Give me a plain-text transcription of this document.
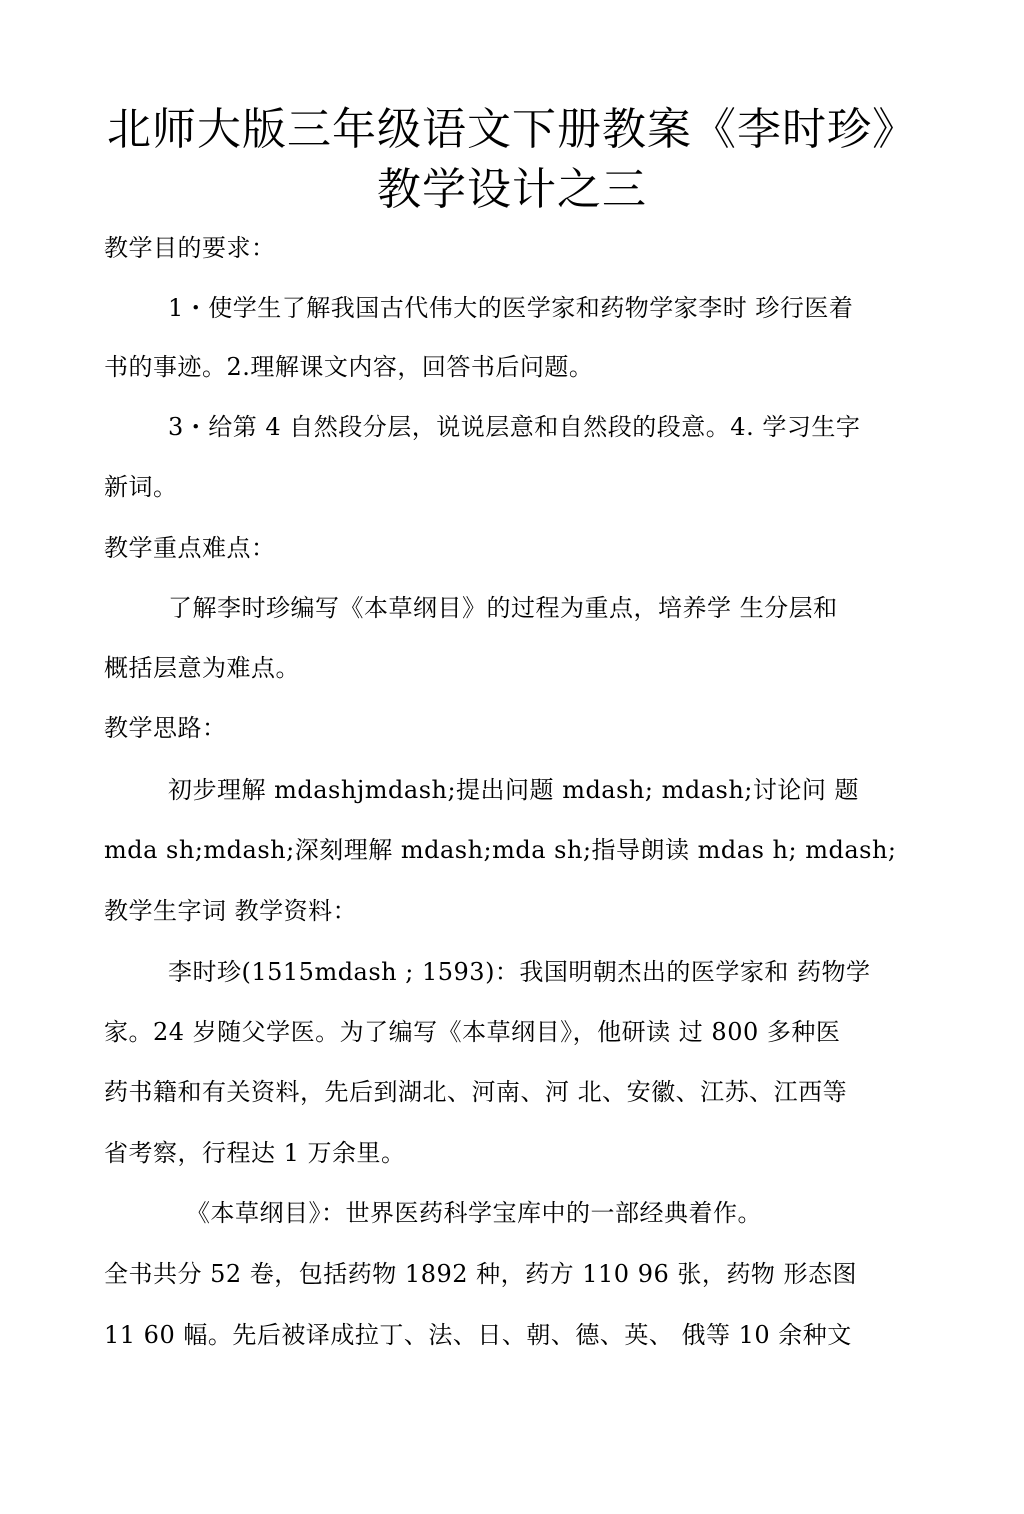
北师大版三年级语文下册教案《李时珍》
教学设计之三
教学目的要求：
1・使学生了解我国古代伟大的医学家和药物学家李时 珍行医着
书的事迹。2.理解课文内容，回答书后问题。
3・给第 4 自然段分层，说说层意和自然段的段意。4. 学习生字
新词。
教学重点难点：
了解李时珍编写《本草纲目》的过程为重点，培养学 生分层和
概括层意为难点。
教学思路：
初步理解 mdashjmdash;提出问题 mdash; mdash;讨论问 题
mda sh;mdash;深刻理解 mdash;mda sh;指导朗读 mdas h; mdash;
教学生字词 教学资料：
李时珍(1515mdash ; 1593)：我国明朝杰出的医学家和 药物学
家。24 岁随父学医。为了编写《本草纲目》，他研读 过 800 多种医
药书籍和有关资料，先后到湖北、河南、河 北、安徽、江苏、江西等
省考察，行程达 1 万余里。
《本草纲目》：世界医药科学宝库中的一部经典着作。
全书共分 52 卷，包括药物 1892 种，药方 110 96 张，药物 形态图
11 60 幅。先后被译成拉丁、法、日、朝、德、英、 俄等 10 余种文
